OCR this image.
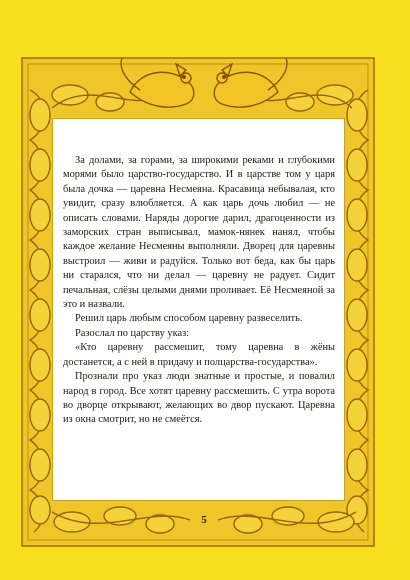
За долами, за горами, за широкими реками и глубокими морями было царство-государство. И в царстве том у царя была дочка — царевна Несмеяна. Красавица небывалая, кто увидит, сразу влюбляется. А как царь дочь любил — не описать словами. Наряды дорогие дарил, драгоценности из заморских стран выписывал, мамок-нянек нанял, чтобы каждое желание Несмеяны выполняли. Дворец для царевны выстроил — живи и радуйся. Только вот беда, как бы царь ни старался, что ни делал — царевну не радует. Сидит печальная, слёзы целыми днями проливает. Её Несмеяной за это и назвали.

Решил царь любым способом царевну развеселить.

Разослал по царству указ:

«Кто царевну рассмешит, тому царевна в жёны достанется, а с ней в придачу и полцарства-государства».

Прознали про указ люди знатные и простые, и повалил народ в город. Все хотят царевну рассмешить. С утра ворота во дворце открывают, желающих во двор пускают. Царевна из окна смотрит, но не смеётся.

5
